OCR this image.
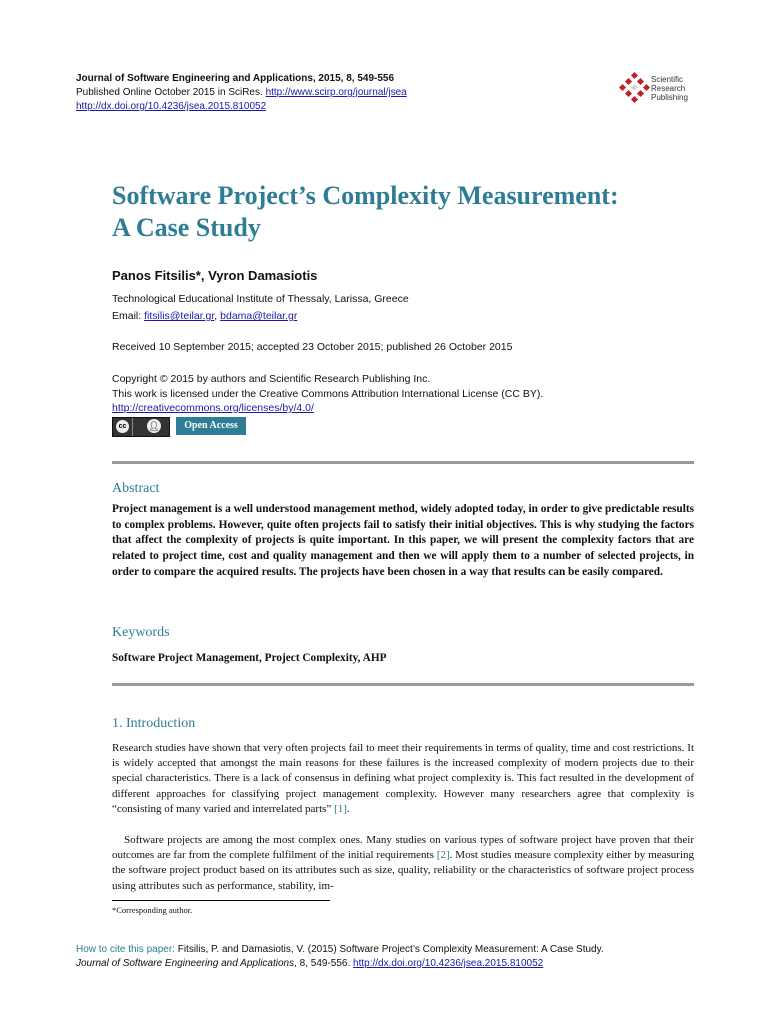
Journal of Software Engineering and Applications, 2015, 8, 549-556
Published Online October 2015 in SciRes. http://www.scirp.org/journal/jsea
http://dx.doi.org/10.4236/jsea.2015.810052
Scientific
Research
Publishing
Software Project’s Complexity Measurement:
A Case Study
Panos Fitsilis*, Vyron Damasiotis
Technological Educational Institute of Thessaly, Larissa, Greece
Email: fitsilis@teilar.gr, bdama@teilar.gr
Received 10 September 2015; accepted 23 October 2015; published 26 October 2015
Copyright © 2015 by authors and Scientific Research Publishing Inc.
This work is licensed under the Creative Commons Attribution International License (CC BY).
http://creativecommons.org/licenses/by/4.0/
cc 👤︎	Open Access
Abstract
Project management is a well understood management method, widely adopted today, in order to give predictable results to complex problems. However, quite often projects fail to satisfy their initial objectives. This is why studying the factors that affect the complexity of projects is quite important. In this paper, we will present the complexity factors that are related to project time, cost and quality management and then we will apply them to a number of selected projects, in order to compare the acquired results. The projects have been chosen in a way that results can be easily compared.
Keywords
Software Project Management, Project Complexity, AHP
1. Introduction
Research studies have shown that very often projects fail to meet their requirements in terms of quality, time and cost restrictions. It is widely accepted that amongst the main reasons for these failures is the increased complexity of modern projects due to their special characteristics. There is a lack of consensus in defining what project complexity is. This fact resulted in the development of different approaches for classifying project management complexity. However many researchers agree that complexity is “consisting of many varied and interrelated parts” [1].
Software projects are among the most complex ones. Many studies on various types of software project have proven that their outcomes are far from the complete fulfilment of the initial requirements [2]. Most studies measure complexity either by measuring the software project product based on its attributes such as size, quality, reliability or the characteristics of software project process using attributes such as performance, stability, im-
*Corresponding author.
How to cite this paper: Fitsilis, P. and Damasiotis, V. (2015) Software Project’s Complexity Measurement: A Case Study.
Journal of Software Engineering and Applications, 8, 549-556. http://dx.doi.org/10.4236/jsea.2015.810052
